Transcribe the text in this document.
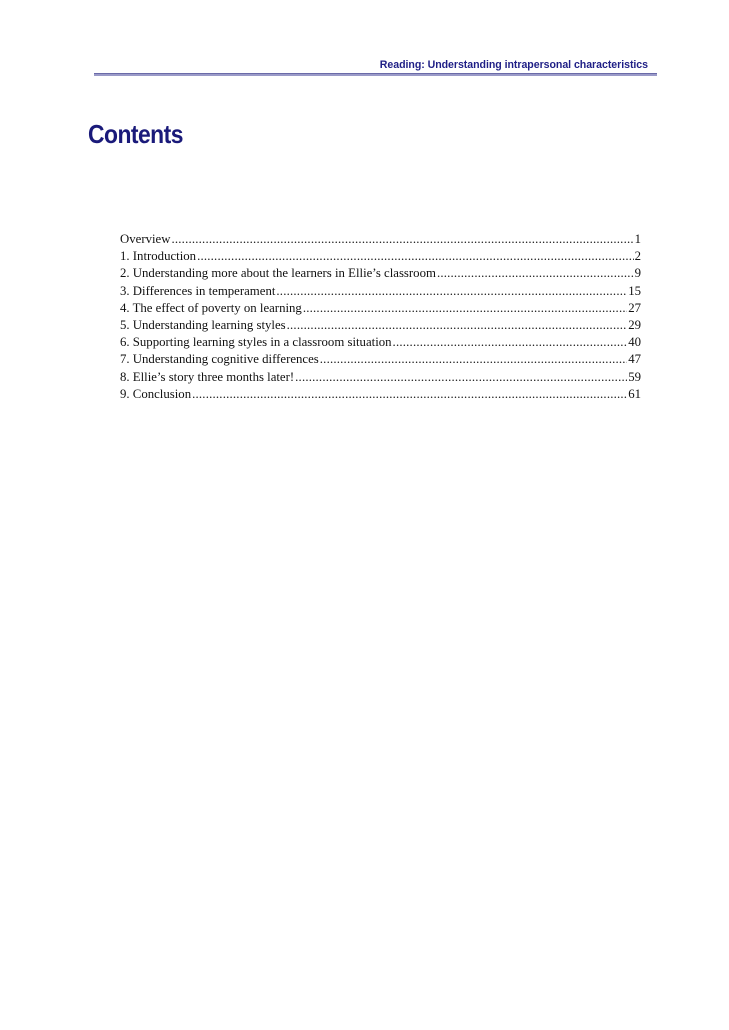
Reading: Understanding intrapersonal characteristics
Contents
Overview .....	1
1. Introduction .....	2
2. Understanding more about the learners in Ellie’s classroom .....	9
3. Differences in temperament .....	15
4. The effect of poverty on learning .....	27
5. Understanding learning styles .....	29
6. Supporting learning styles in a classroom situation .....	40
7. Understanding cognitive differences .....	47
8. Ellie’s story three months later! .....	59
9. Conclusion .....	61
